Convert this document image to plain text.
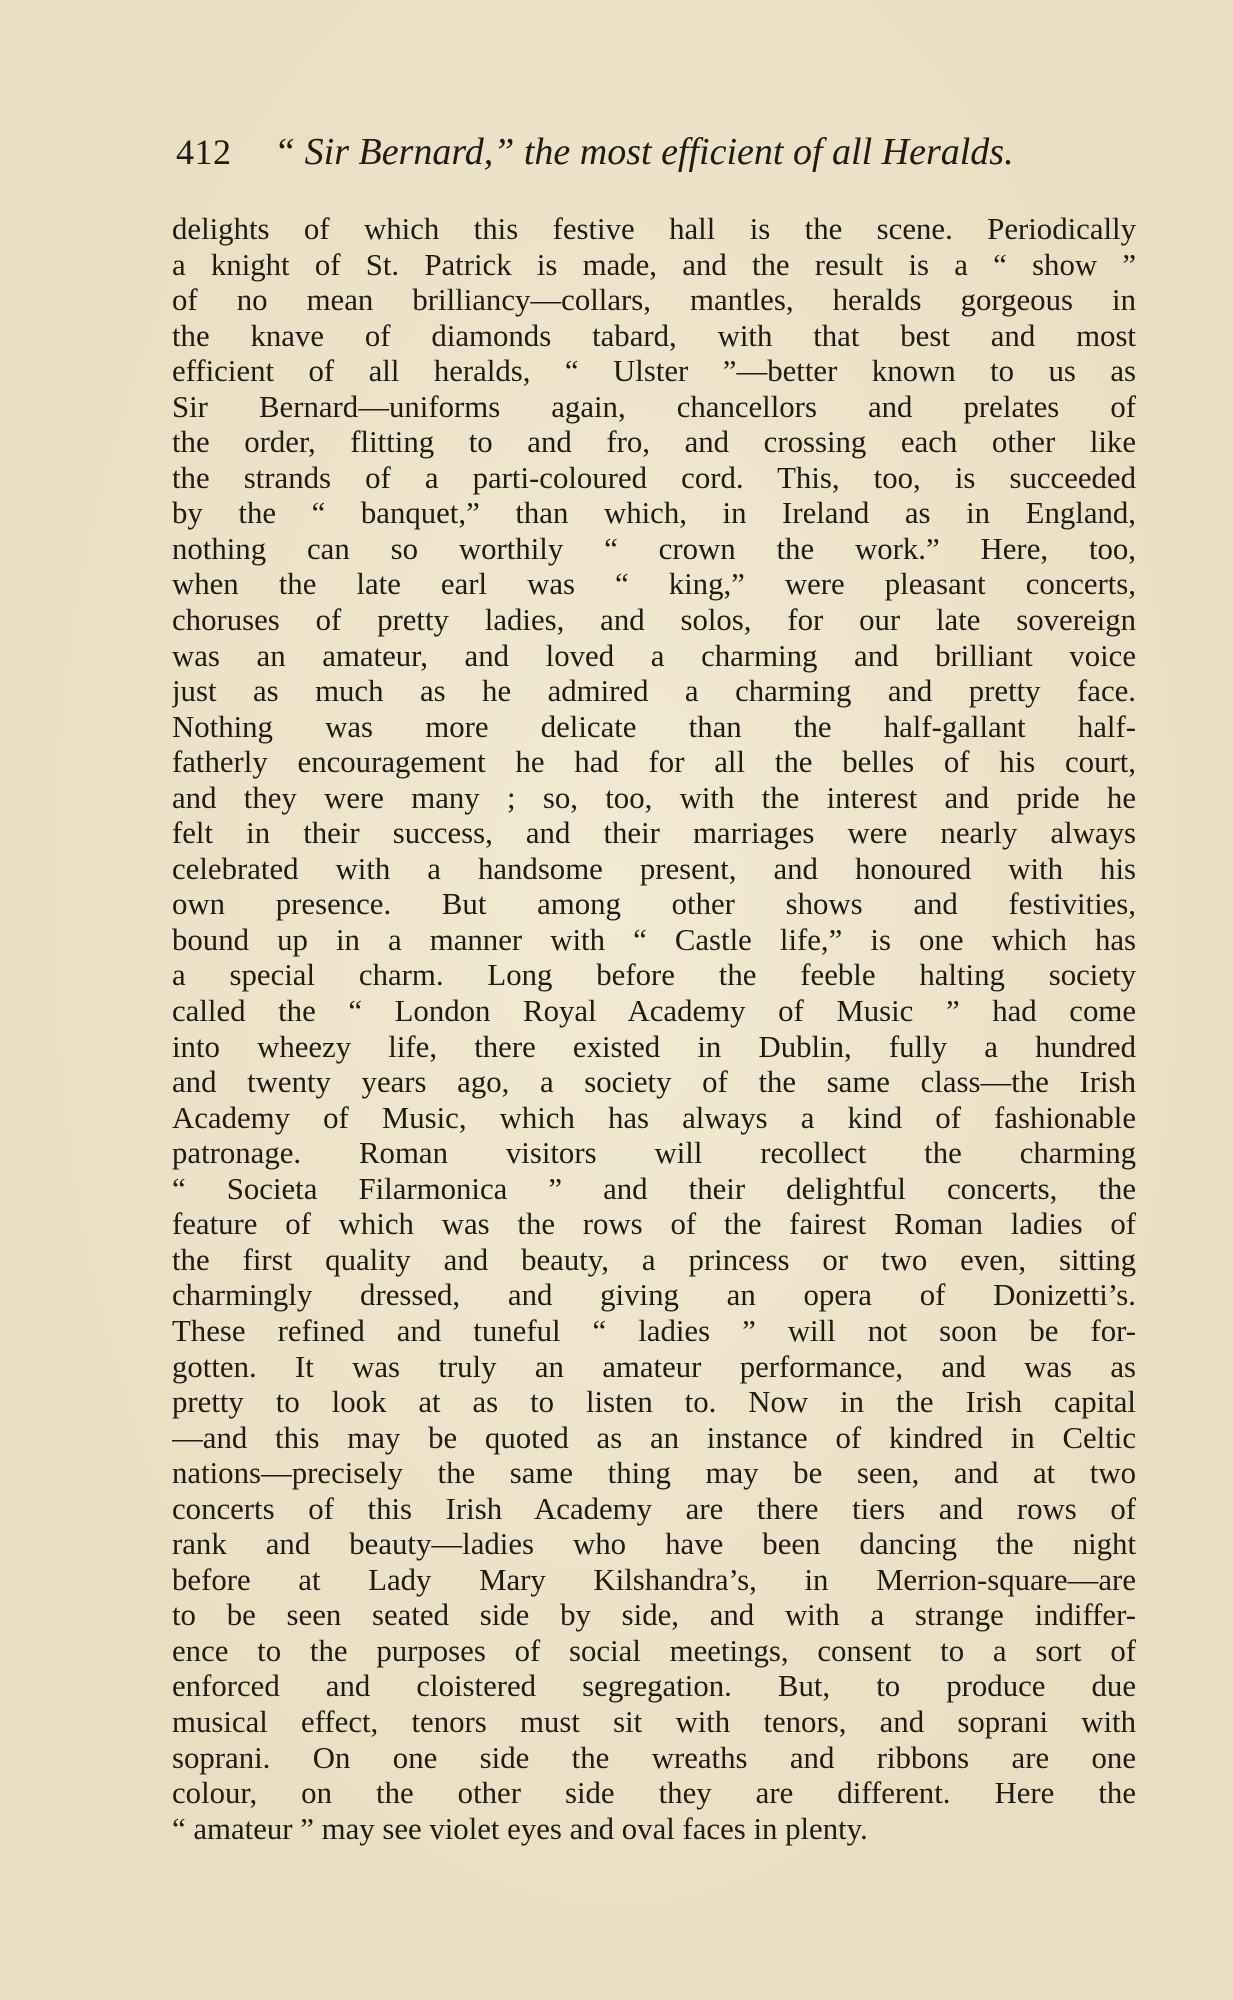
412 “ Sir Bernard,” the most efficient of all Heralds.
delights of which this festive hall is the scene. Periodically
a knight of St. Patrick is made, and the result is a “ show ”
of no mean brilliancy—collars, mantles, heralds gorgeous in
the knave of diamonds tabard, with that best and most
efficient of all heralds, “ Ulster ”—better known to us as
Sir Bernard—uniforms again, chancellors and prelates of
the order, flitting to and fro, and crossing each other like
the strands of a parti-coloured cord. This, too, is succeeded
by the “ banquet,” than which, in Ireland as in England,
nothing can so worthily “ crown the work.” Here, too,
when the late earl was “ king,” were pleasant concerts,
choruses of pretty ladies, and solos, for our late sovereign
was an amateur, and loved a charming and brilliant voice
just as much as he admired a charming and pretty face.
Nothing was more delicate than the half-gallant half-
fatherly encouragement he had for all the belles of his court,
and they were many ; so, too, with the interest and pride he
felt in their success, and their marriages were nearly always
celebrated with a handsome present, and honoured with his
own presence. But among other shows and festivities,
bound up in a manner with “ Castle life,” is one which has
a special charm. Long before the feeble halting society
called the “ London Royal Academy of Music ” had come
into wheezy life, there existed in Dublin, fully a hundred
and twenty years ago, a society of the same class—the Irish
Academy of Music, which has always a kind of fashionable
patronage. Roman visitors will recollect the charming
“ Societa Filarmonica ” and their delightful concerts, the
feature of which was the rows of the fairest Roman ladies of
the first quality and beauty, a princess or two even, sitting
charmingly dressed, and giving an opera of Donizetti’s.
These refined and tuneful “ ladies ” will not soon be for-
gotten. It was truly an amateur performance, and was as
pretty to look at as to listen to. Now in the Irish capital
—and this may be quoted as an instance of kindred in Celtic
nations—precisely the same thing may be seen, and at two
concerts of this Irish Academy are there tiers and rows of
rank and beauty—ladies who have been dancing the night
before at Lady Mary Kilshandra’s, in Merrion-square—are
to be seen seated side by side, and with a strange indiffer-
ence to the purposes of social meetings, consent to a sort of
enforced and cloistered segregation. But, to produce due
musical effect, tenors must sit with tenors, and soprani with
soprani. On one side the wreaths and ribbons are one
colour, on the other side they are different. Here the
“ amateur ” may see violet eyes and oval faces in plenty.
